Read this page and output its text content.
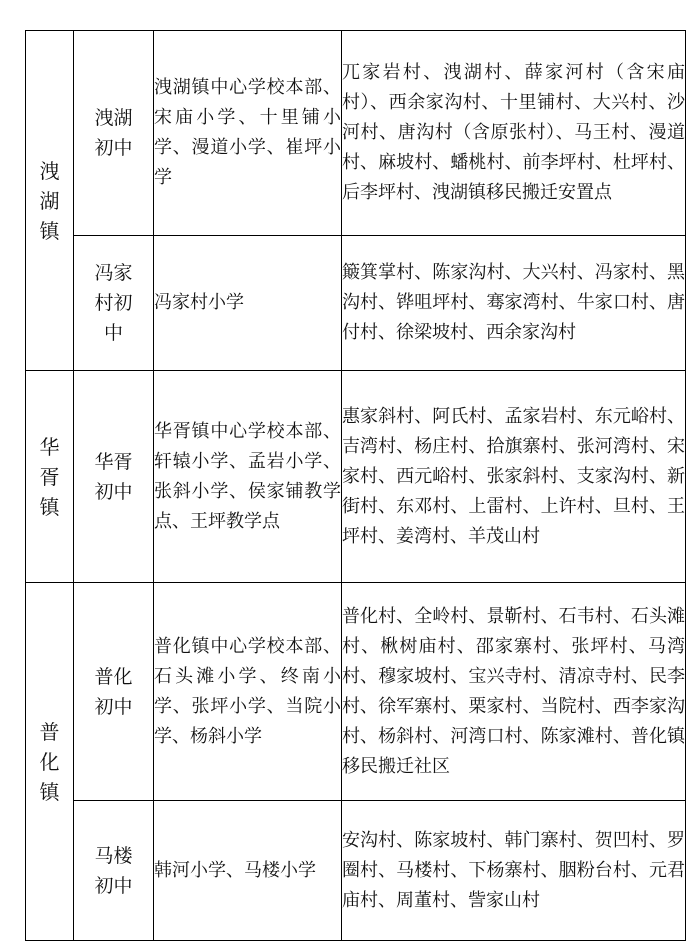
洩湖镇	洩湖初中	洩湖镇中心学校本部、宋庙小学、十里铺小学、漫道小学、崔坪小学	兀家岩村、洩湖村、薛家河村（含宋庙村）、西余家沟村、十里铺村、大兴村、沙河村、唐沟村（含原张村）、马王村、漫道村、麻坡村、蟠桃村、前李坪村、杜坪村、后李坪村、洩湖镇移民搬迁安置点
	冯家村初中	冯家村小学	簸箕掌村、陈家沟村、大兴村、冯家村、黑沟村、铧咀坪村、骞家湾村、牛家口村、唐付村、徐梁坡村、西余家沟村
华胥镇	华胥初中	华胥镇中心学校本部、轩辕小学、孟岩小学、张斜小学、侯家铺教学点、王坪教学点	惠家斜村、阿氏村、孟家岩村、东元峪村、吉湾村、杨庄村、拾旗寨村、张河湾村、宋家村、西元峪村、张家斜村、支家沟村、新街村、东邓村、上雷村、上许村、旦村、王坪村、姜湾村、羊茂山村
普化镇	普化初中	普化镇中心学校本部、石头滩小学、终南小学、张坪小学、当院小学、杨斜小学	普化村、全岭村、景靳村、石韦村、石头滩村、楸树庙村、邵家寨村、张坪村、马湾村、穆家坡村、宝兴寺村、清凉寺村、民李村、徐军寨村、栗家村、当院村、西李家沟村、杨斜村、河湾口村、陈家滩村、普化镇移民搬迁社区
	马楼初中	韩河小学、马楼小学	安沟村、陈家坡村、韩门寨村、贺凹村、罗圈村、马楼村、下杨寨村、胭粉台村、元君庙村、周董村、訾家山村
